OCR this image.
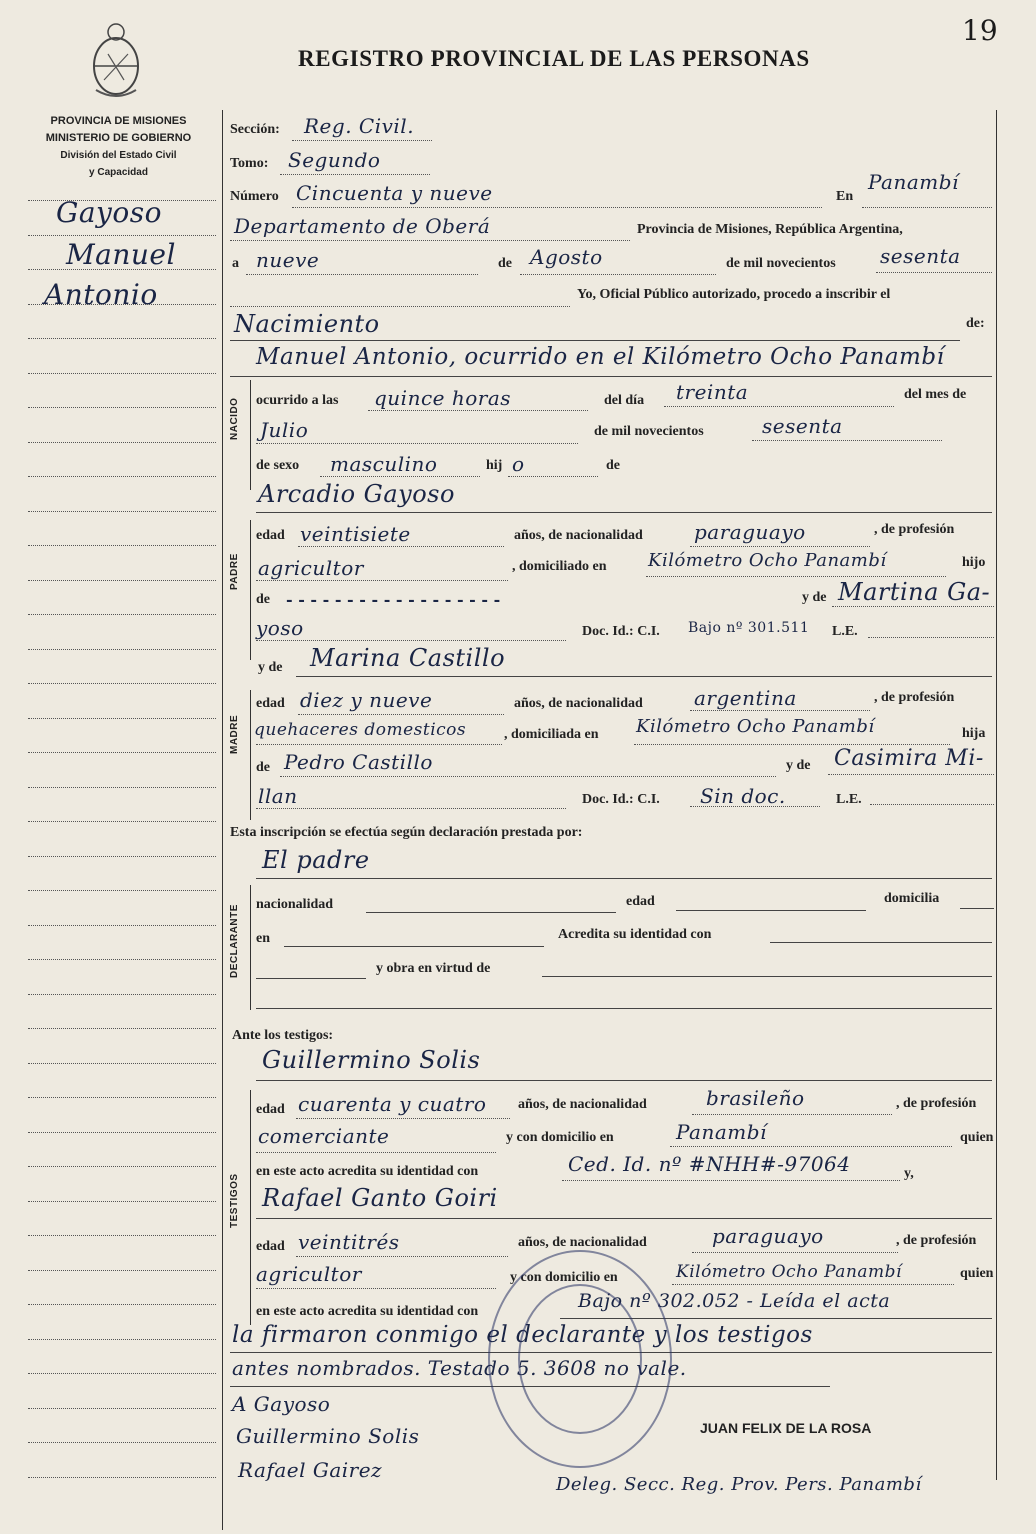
19
REGISTRO PROVINCIAL DE LAS PERSONAS
PROVINCIA DE MISIONES
MINISTERIO DE GOBIERNO
División del Estado Civil
y Capacidad
Gayoso
Manuel
Antonio
NACIDO
PADRE
MADRE
DECLARANTE
TESTIGOS
Sección: Reg. Civil.
Tomo: Segundo
Número Cincuenta y nueve	En
Panambí
Departamento de Oberá	Provincia de Misiones, República Argentina,
a nueve	de Agosto	de mil novecientos sesenta
Yo, Oficial Público autorizado, procedo a inscribir el
Nacimiento	de:
Manuel Antonio, ocurrido en el Kilómetro Ocho Panambí
ocurrido a las quince horas	del día treinta	del mes de
Julio	de mil novecientos	sesenta
de sexo masculino	hij o	de
Arcadio Gayoso
edad veintisiete	años, de nacionalidad	paraguayo	, de profesión
agricultor	, domiciliado en Kilómetro Ocho Panambí	hijo
de - - - - - - - - - - - - - - - - - -	y de Martina Ga-
yoso	Doc. Id.: C.I. Bajo nº 301.511 L.E.
y de Marina Castillo
edad diez y nueve	años, de nacionalidad	argentina	, de profesión
quehaceres domesticos	, domiciliada en Kilómetro Ocho Panambí	hija
de Pedro Castillo	y de Casimira Mi-
llan	Doc. Id.: C.I. Sin doc.	L.E.
Esta inscripción se efectúa según declaración prestada por:
El padre
nacionalidad	edad	domicilia
en	Acredita su identidad con
y obra en virtud de
Ante los testigos:
Guillermino Solis
edad cuarenta y cuatro años, de nacionalidad	brasileño	, de profesión
comerciante	y con domicilio en	Panambí	quien
en este acto acredita su identidad con	Ced. Id. nº #NHH#-97064	y,
Rafael Ganto Goiri
edad veintitrés	años, de nacionalidad	paraguayo	, de profesión
agricultor	y con domicilio en	Kilómetro Ocho Panambí	quien
en este acto acredita su identidad con	Bajo nº 302.052 - Leída el acta
la firmaron conmigo el declarante y los testigos
antes nombrados. Testado 5. 3608 no vale.
A Gayoso
Guillermino Solis
Rafael Gairez
JUAN FELIX DE LA ROSA
Deleg. Secc. Reg. Prov. Pers. Panambí
